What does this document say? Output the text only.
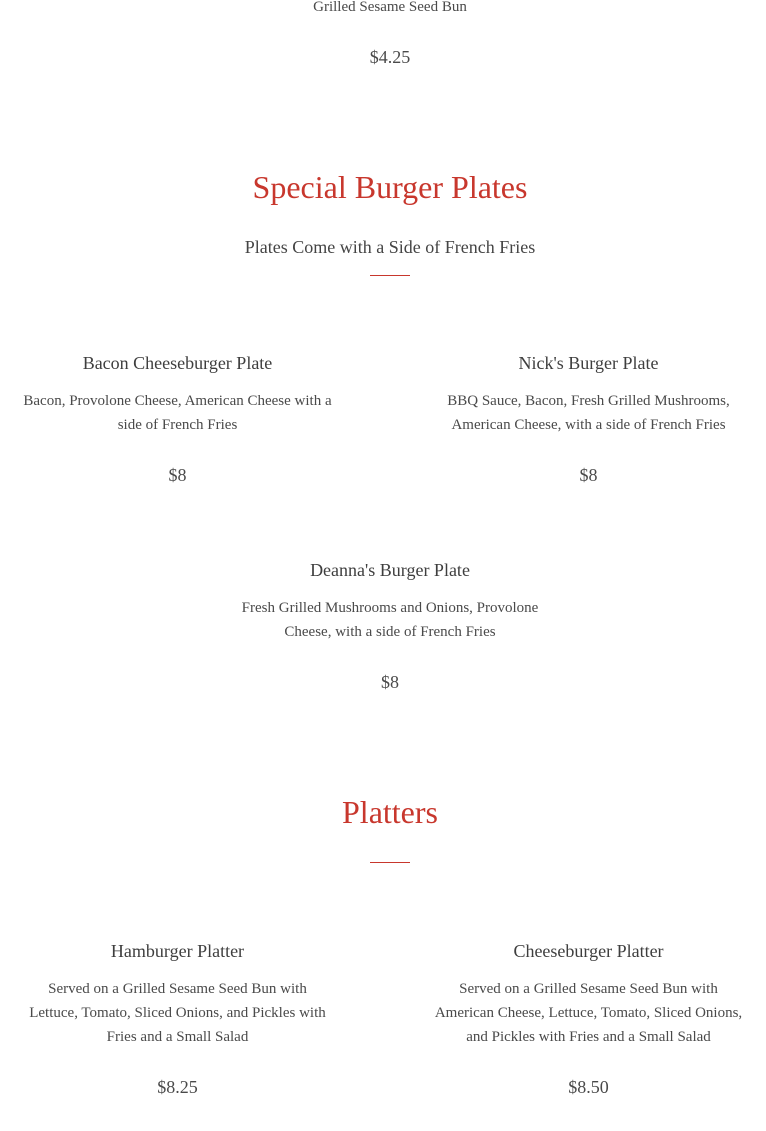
Grilled Sesame Seed Bun
$4.25
Special Burger Plates
Plates Come with a Side of French Fries
Bacon Cheeseburger Plate
Bacon, Provolone Cheese, American Cheese with a side of French Fries
$8
Nick's Burger Plate
BBQ Sauce, Bacon, Fresh Grilled Mushrooms, American Cheese, with a side of French Fries
$8
Deanna's Burger Plate
Fresh Grilled Mushrooms and Onions, Provolone Cheese, with a side of French Fries
$8
Platters
Hamburger Platter
Served on a Grilled Sesame Seed Bun with Lettuce, Tomato, Sliced Onions, and Pickles with Fries and a Small Salad
$8.25
Cheeseburger Platter
Served on a Grilled Sesame Seed Bun with American Cheese, Lettuce, Tomato, Sliced Onions, and Pickles with Fries and a Small Salad
$8.50
